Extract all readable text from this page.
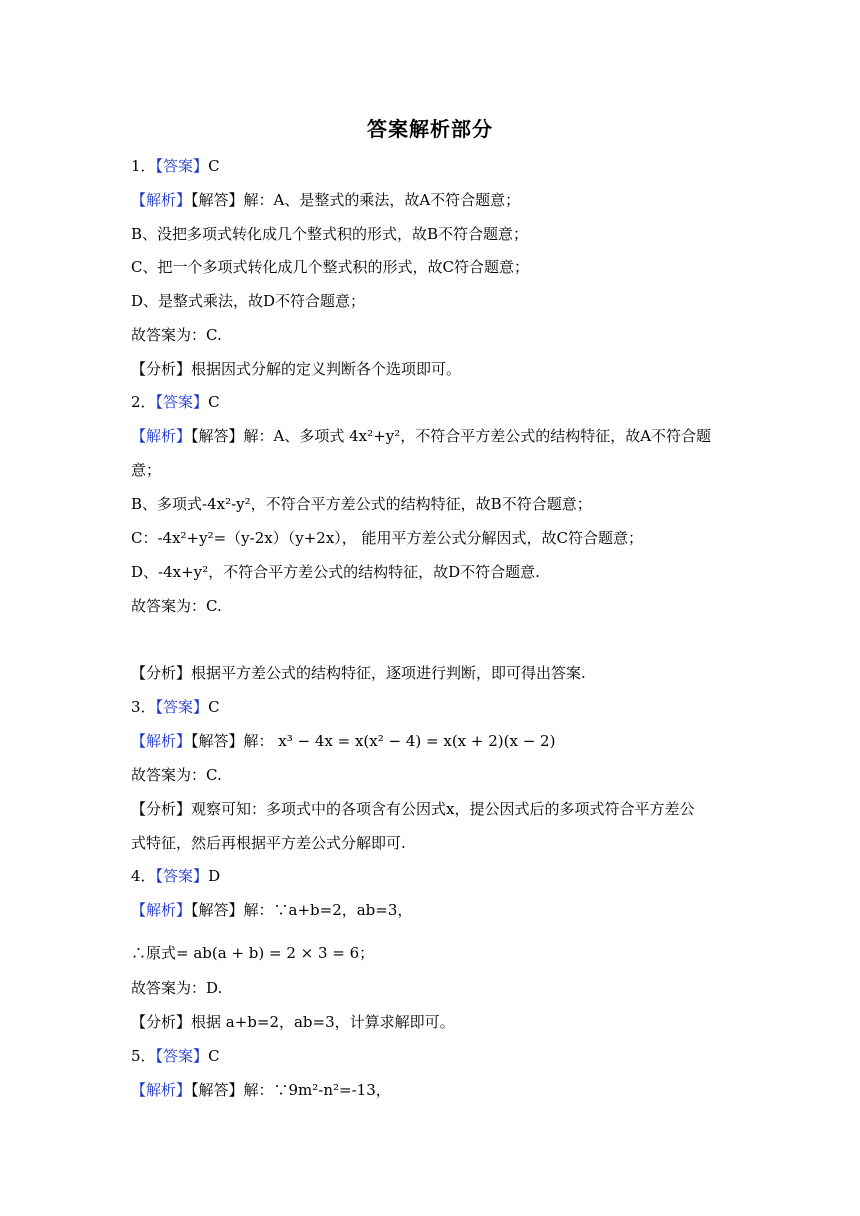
答案解析部分
1．【答案】C
【解析】【解答】解：A、是整式的乘法，故A不符合题意；
B、没把多项式转化成几个整式积的形式，故B不符合题意；
C、把一个多项式转化成几个整式积的形式，故C符合题意；
D、是整式乘法，故D不符合题意；
故答案为：C.
【分析】根据因式分解的定义判断各个选项即可。
2．【答案】C
【解析】【解答】解：A、多项式 4x²+y²，不符合平方差公式的结构特征，故A不符合题
意；
B、多项式-4x²-y²，不符合平方差公式的结构特征，故B不符合题意；
C：-4x²+y²=（y-2x）（y+2x）， 能用平方差公式分解因式，故C符合题意；
D、-4x+y²，不符合平方差公式的结构特征，故D不符合题意.
故答案为：C.
【分析】根据平方差公式的结构特征，逐项进行判断，即可得出答案.
3．【答案】C
【解析】【解答】解： x³ − 4x = x(x² − 4) = x(x + 2)(x − 2)
故答案为：C.
【分析】观察可知：多项式中的各项含有公因式x，提公因式后的多项式符合平方差公
式特征，然后再根据平方差公式分解即可.
4．【答案】D
【解析】【解答】解：∵a+b=2，ab=3，
∴原式= ab(a + b) = 2 × 3 = 6；
故答案为：D.
【分析】根据 a+b=2，ab=3，计算求解即可。
5．【答案】C
【解析】【解答】解：∵9m²-n²=-13，
